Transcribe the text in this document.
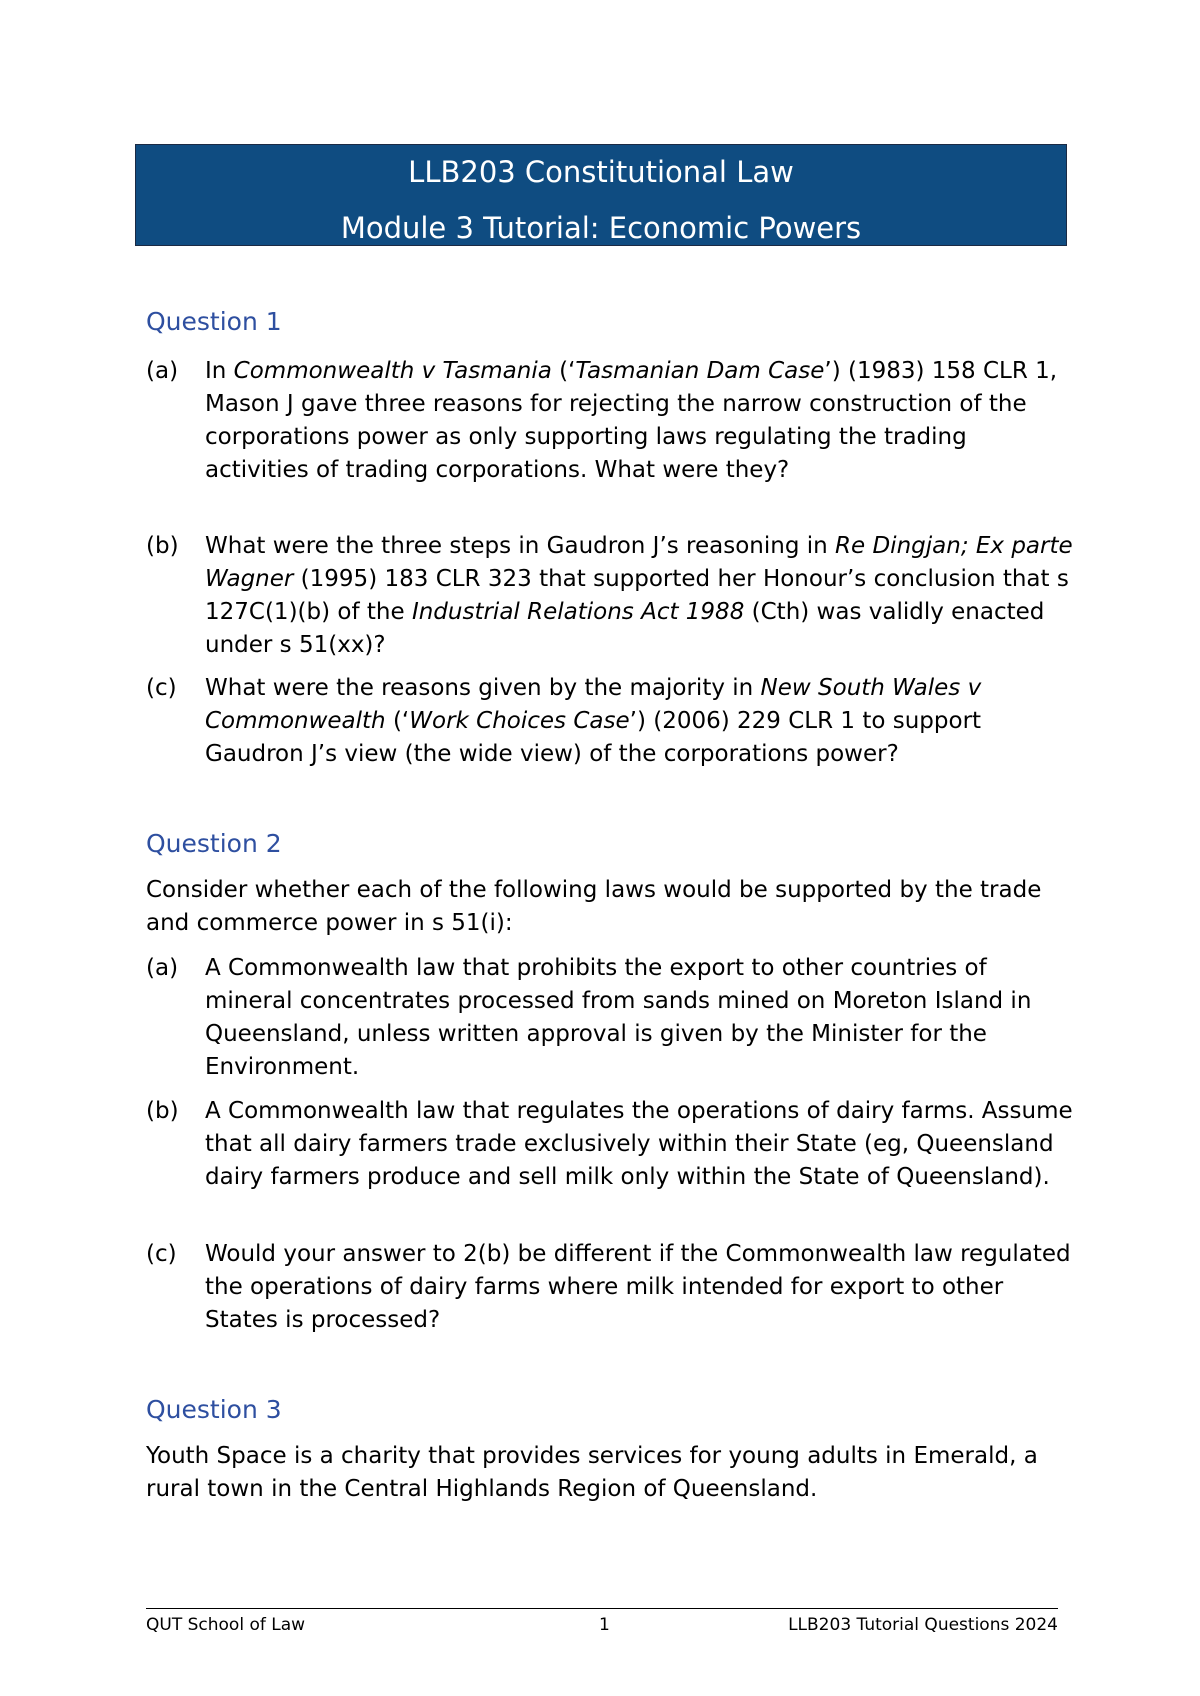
LLB203 Constitutional Law
Module 3 Tutorial: Economic Powers
Question 1
(a) In Commonwealth v Tasmania (‘Tasmanian Dam Case’) (1983) 158 CLR 1, Mason J gave three reasons for rejecting the narrow construction of the corporations power as only supporting laws regulating the trading activities of trading corporations. What were they?
(b) What were the three steps in Gaudron J’s reasoning in Re Dingjan; Ex parte Wagner (1995) 183 CLR 323 that supported her Honour’s conclusion that s 127C(1)(b) of the Industrial Relations Act 1988 (Cth) was validly enacted under s 51(xx)?
(c) What were the reasons given by the majority in New South Wales v Commonwealth (‘Work Choices Case’) (2006) 229 CLR 1 to support Gaudron J’s view (the wide view) of the corporations power?
Question 2
Consider whether each of the following laws would be supported by the trade and commerce power in s 51(i):
(a) A Commonwealth law that prohibits the export to other countries of mineral concentrates processed from sands mined on Moreton Island in Queensland, unless written approval is given by the Minister for the Environment.
(b) A Commonwealth law that regulates the operations of dairy farms. Assume that all dairy farmers trade exclusively within their State (eg, Queensland dairy farmers produce and sell milk only within the State of Queensland).
(c) Would your answer to 2(b) be different if the Commonwealth law regulated the operations of dairy farms where milk intended for export to other States is processed?
Question 3
Youth Space is a charity that provides services for young adults in Emerald, a rural town in the Central Highlands Region of Queensland.
QUT School of Law	1	LLB203 Tutorial Questions 2024
